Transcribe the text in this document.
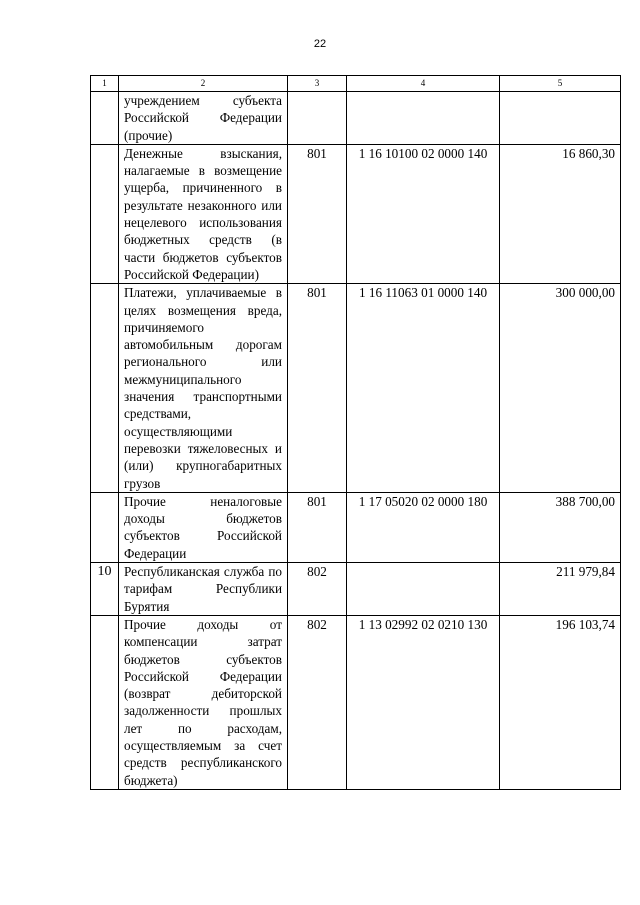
22
1	2	3	4	5

	учреждением субъекта Российской Федерации (прочие)			

	Денежные взыскания, налагаемые в возмещение ущерба, причиненного в результате незаконного или нецелевого использования бюджетных средств (в части бюджетов субъектов Российской Федерации)	801	1 16 10100 02 0000 140	16 860,30

	Платежи, уплачиваемые в целях возмещения вреда, причиняемого автомобильным дорогам регионального или межмуниципального значения транспортными средствами, осуществляющими перевозки тяжеловесных и (или) крупногабаритных грузов	801	1 16 11063 01 0000 140	300 000,00

	Прочие неналоговые доходы бюджетов субъектов Российской Федерации	801	1 17 05020 02 0000 180	388 700,00
10	Республиканская служба по тарифам Республики Бурятия	802		211 979,84

	Прочие доходы от компенсации затрат бюджетов субъектов Российской Федерации (возврат дебиторской задолженности прошлых лет по расходам, осуществляемым за счет средств республиканского бюджета)	802	1 13 02992 02 0210 130	196 103,74
